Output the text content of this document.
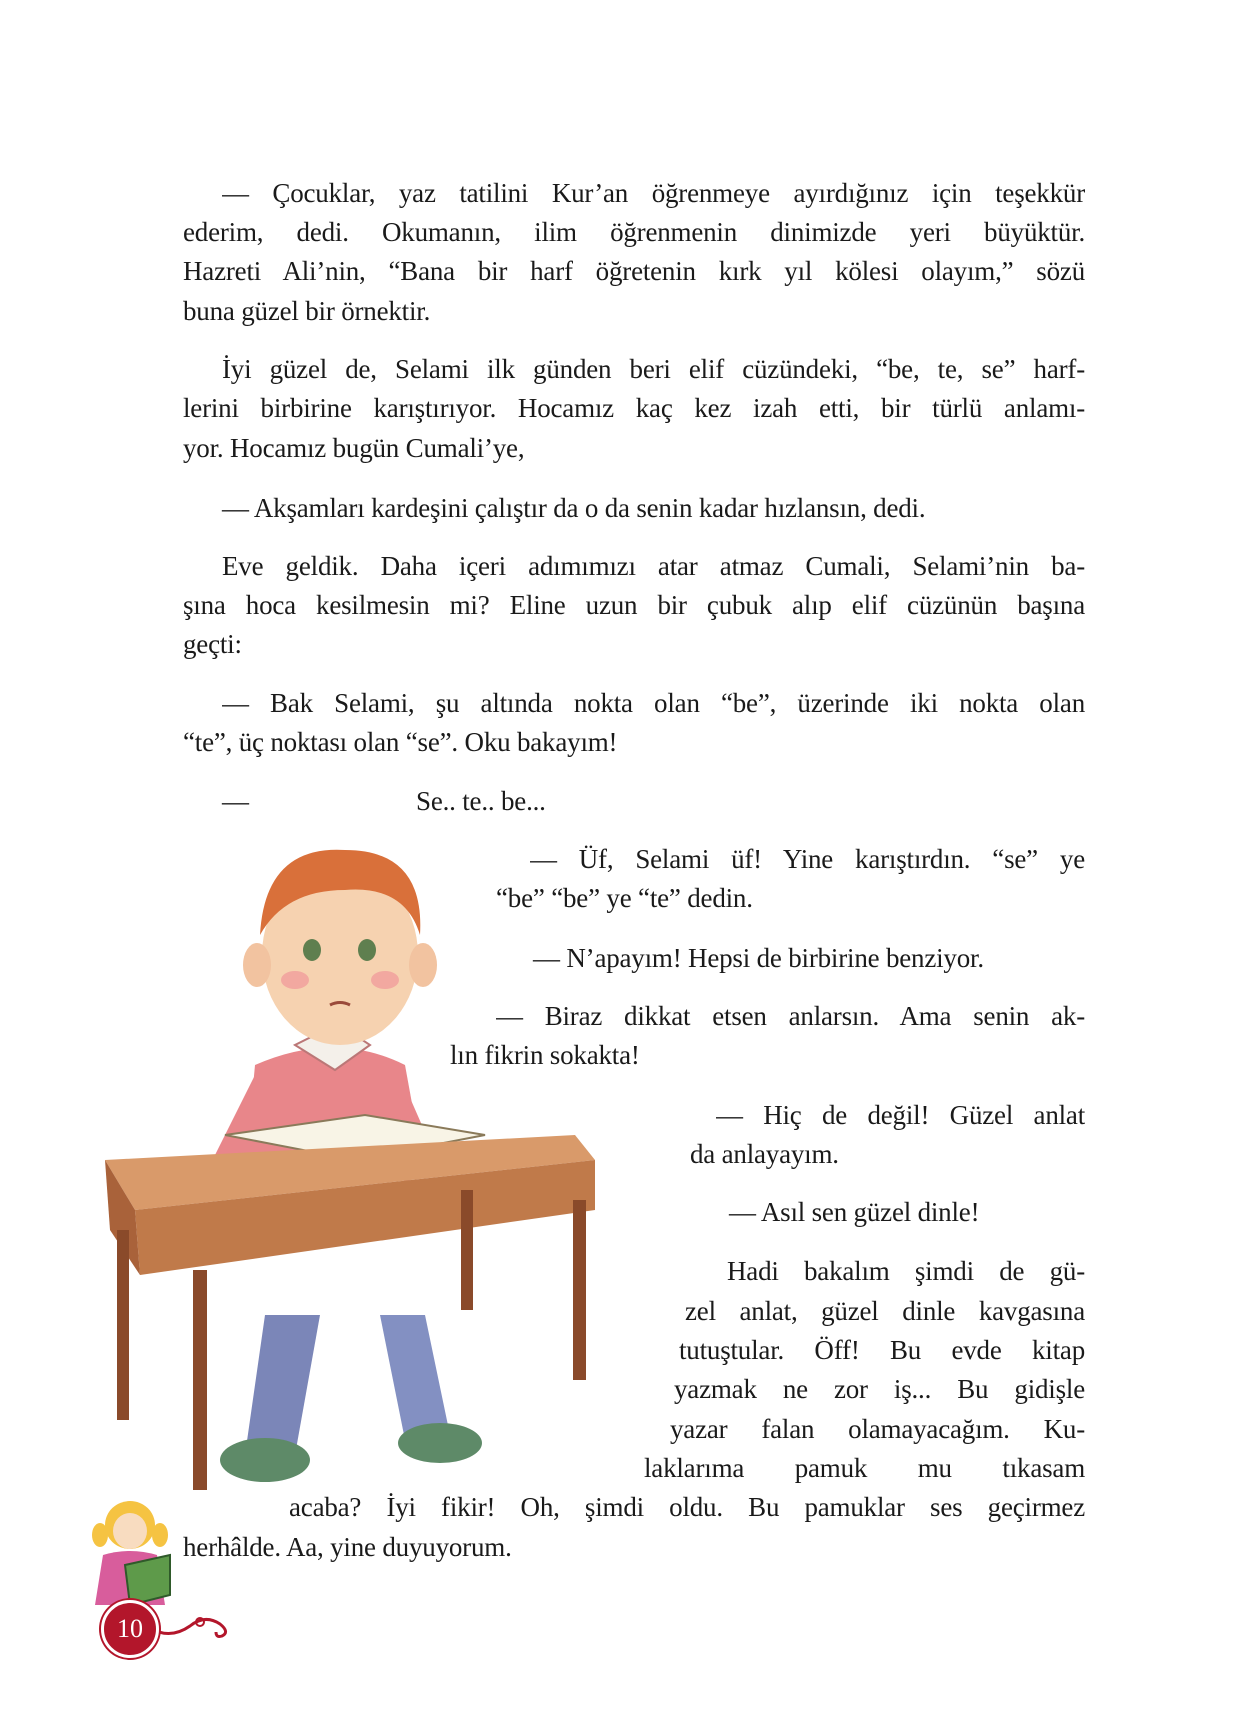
10
— Çocuklar, yaz tatilini Kur’an öğrenmeye ayırdığınız için teşekkür
ederim, dedi. Okumanın, ilim öğrenmenin dinimizde yeri büyüktür.
Hazreti Ali’nin, “Bana bir harf öğretenin kırk yıl kölesi olayım,” sözü
buna güzel bir örnektir.
İyi güzel de, Selami ilk günden beri elif cüzündeki, “be, te, se” harf-
lerini birbirine karıştırıyor. Hocamız kaç kez izah etti, bir türlü anlamı-
yor. Hocamız bugün Cumali’ye,
— Akşamları kardeşini çalıştır da o da senin kadar hızlansın, dedi.
Eve geldik. Daha içeri adımımızı atar atmaz Cumali, Selami’nin ba-
şına hoca kesilmesin mi? Eline uzun bir çubuk alıp elif cüzünün başına
geçti:
— Bak Selami, şu altında nokta olan “be”, üzerinde iki nokta olan
“te”, üç noktası olan “se”. Oku bakayım!
—	Se.. te.. be...
— Üf, Selami üf! Yine karıştırdın. “se” ye
“be” “be” ye “te” dedin.
— N’apayım! Hepsi de birbirine benziyor.
— Biraz dikkat etsen anlarsın. Ama senin ak-
lın fikrin sokakta!
— Hiç de değil! Güzel anlat
da anlayayım.
— Asıl sen güzel dinle!
Hadi bakalım şimdi de gü-
zel anlat, güzel dinle kavgasına
tutuştular. Öff! Bu evde kitap
yazmak ne zor iş... Bu gidişle
yazar falan olamayacağım. Ku-
laklarıma pamuk mu tıkasam
acaba? İyi fikir! Oh, şimdi oldu. Bu pamuklar ses geçirmez
herhâlde. Aa, yine duyuyorum.
